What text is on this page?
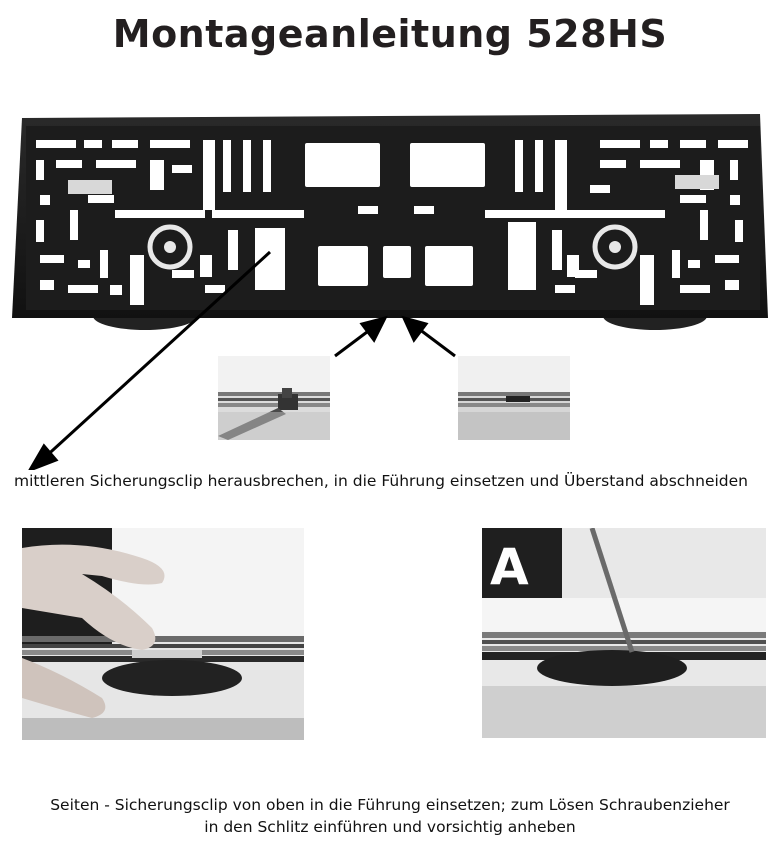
Montageanleitung 528HS
mittleren Sicherungsclip herausbrechen, in die Führung einsetzen und Überstand abschneiden
A
Seiten - Sicherungsclip von oben in die Führung einsetzen; zum Lösen Schraubenzieher
in den Schlitz einführen und vorsichtig anheben
